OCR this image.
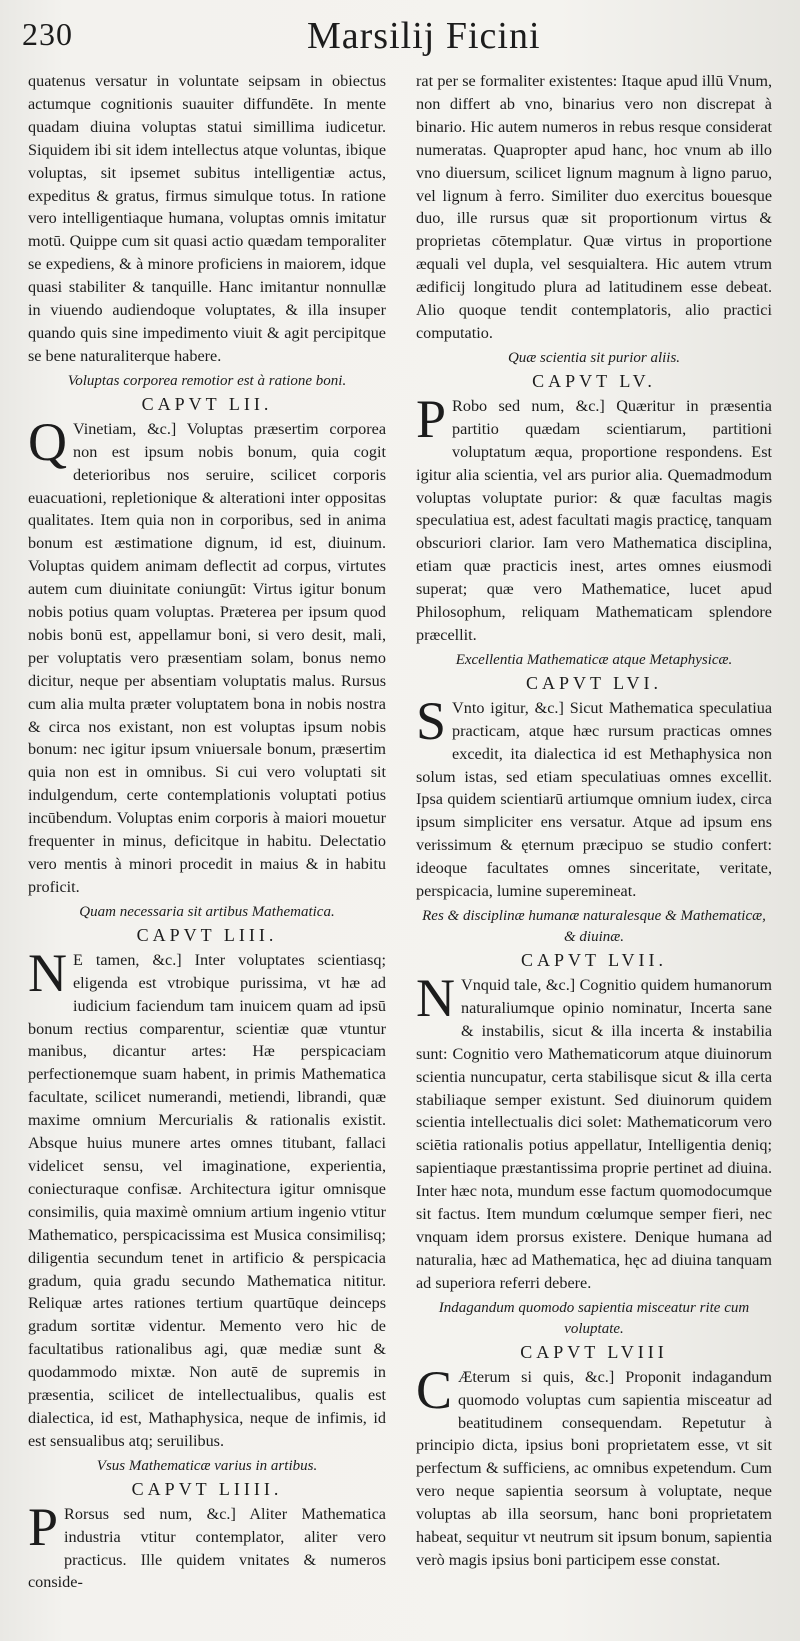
230	Marsilij Ficini

quatenus versatur in voluntate seipsam in obiectus actumque cognitionis suauiter diffundēte. In mente quadam diuina voluptas statui simillima iudicetur. Siquidem ibi sit idem intellectus atque voluntas, ibique voluptas, sit ipsemet subitus intelligentiæ actus, expeditus & gratus, firmus simulque totus. In ratione vero intelligentiaque humana, voluptas omnis imitatur motū. Quippe cum sit quasi actio quædam temporaliter se expediens, & à minore proficiens in maiorem, idque quasi stabiliter & tanquille. Hanc imitantur nonnullæ in viuendo audiendoque voluptates, & illa insuper quando quis sine impedimento viuit & agit percipitque se bene naturaliterque habere.

Voluptas corporea remotior est à ratione boni.

CAPVT LII.

Q Vinetiam, &c.] Voluptas præsertim corporea non est ipsum nobis bonum, quia cogit deterioribus nos seruire, scilicet corporis euacuationi, repletionique & alterationi inter oppositas qualitates. Item quia non in corporibus, sed in anima bonum est æstimatione dignum, id est, diuinum. Voluptas quidem animam deflectit ad corpus, virtutes autem cum diuinitate coniungūt: Virtus igitur bonum nobis potius quam voluptas. Præterea per ipsum quod nobis bonū est, appellamur boni, si vero desit, mali, per voluptatis vero præsentiam solam, bonus nemo dicitur, neque per absentiam voluptatis malus. Rursus cum alia multa præter voluptatem bona in nobis nostra & circa nos existant, non est voluptas ipsum nobis bonum: nec igitur ipsum vniuersale bonum, præsertim quia non est in omnibus. Si cui vero voluptati sit indulgendum, certe contemplationis voluptati potius incūbendum. Voluptas enim corporis à maiori mouetur frequenter in minus, deficitque in habitu. Delectatio vero mentis à minori procedit in maius & in habitu proficit.

Quam necessaria sit artibus Mathematica.

CAPVT LIII.

N E tamen, &c.] Inter voluptates scientiasq; eligenda est vtrobique purissima, vt hæ ad iudicium faciendum tam inuicem quam ad ipsū bonum rectius comparentur, scientiæ quæ vtuntur manibus, dicantur artes: Hæ perspicaciam perfectionemque suam habent, in primis Mathematica facultate, scilicet numerandi, metiendi, librandi, quæ maxime omnium Mercurialis & rationalis existit. Absque huius munere artes omnes titubant, fallaci videlicet sensu, vel imaginatione, experientia, coniecturaque confisæ. Architectura igitur omnisque consimilis, quia maximè omnium artium ingenio vtitur Mathematico, perspicacissima est Musica consimilisq; diligentia secundum tenet in artificio & perspicacia gradum, quia gradu secundo Mathematica nititur. Reliquæ artes rationes tertium quartūque deinceps gradum sortitæ videntur. Memento vero hic de facultatibus rationalibus agi, quæ mediæ sunt & quodammodo mixtæ. Non autē de supremis in præsentia, scilicet de intellectualibus, qualis est dialectica, id est, Mathaphysica, neque de infimis, id est sensualibus atq; seruilibus.

Vsus Mathematicæ varius in artibus.

CAPVT LIIII.

P Rorsus sed num, &c.] Aliter Mathematica industria vtitur contemplator, aliter vero practicus. Ille quidem vnitates & numeros conside-

rat per se formaliter existentes: Itaque apud illū Vnum, non differt ab vno, binarius vero non discrepat à binario. Hic autem numeros in rebus resque considerat numeratas. Quapropter apud hanc, hoc vnum ab illo vno diuersum, scilicet lignum magnum à ligno paruo, vel lignum à ferro. Similiter duo exercitus bouesque duo, ille rursus quæ sit proportionum virtus & proprietas cōtemplatur. Quæ virtus in proportione æquali vel dupla, vel sesquialtera. Hic autem vtrum ædificij longitudo plura ad latitudinem esse debeat. Alio quoque tendit contemplatoris, alio practici computatio.

Quæ scientia sit purior aliis.

CAPVT LV.

P Robo sed num, &c.] Quæritur in præsentia partitio quædam scientiarum, partitioni voluptatum æqua, proportione respondens. Est igitur alia scientia, vel ars purior alia. Quemadmodum voluptas voluptate purior: & quæ facultas magis speculatiua est, adest facultati magis practicę, tanquam obscuriori clarior. Iam vero Mathematica disciplina, etiam quæ practicis inest, artes omnes eiusmodi superat; quæ vero Mathematice, lucet apud Philosophum, reliquam Mathematicam splendore præcellit.

Excellentia Mathematicæ atque Metaphysicæ.

CAPVT LVI.

S Vnto igitur, &c.] Sicut Mathematica speculatiua practicam, atque hæc rursum practicas omnes excedit, ita dialectica id est Methaphysica non solum istas, sed etiam speculatiuas omnes excellit. Ipsa quidem scientiarū artiumque omnium iudex, circa ipsum simpliciter ens versatur. Atque ad ipsum ens verissimum & ęternum præcipuo se studio confert: ideoque facultates omnes sinceritate, veritate, perspicacia, lumine superemineat.

Res & disciplinæ humanæ naturalesque & Mathematicæ, & diuinæ.

CAPVT LVII.

N Vnquid tale, &c.] Cognitio quidem humanorum naturaliumque opinio nominatur, Incerta sane & instabilis, sicut & illa incerta & instabilia sunt: Cognitio vero Mathematicorum atque diuinorum scientia nuncupatur, certa stabilisque sicut & illa certa stabiliaque semper existunt. Sed diuinorum quidem scientia intellectualis dici solet: Mathematicorum vero sciētia rationalis potius appellatur, Intelligentia deniq; sapientiaque præstantissima proprie pertinet ad diuina. Inter hæc nota, mundum esse factum quomodocumque sit factus. Item mundum cœlumque semper fieri, nec vnquam idem prorsus existere. Denique humana ad naturalia, hæc ad Mathematica, hęc ad diuina tanquam ad superiora referri debere.

Indagandum quomodo sapientia misceatur rite cum voluptate.

CAPVT LVIII

C Æterum si quis, &c.] Proponit indagandum quomodo voluptas cum sapientia misceatur ad beatitudinem consequendam. Repetutur à principio dicta, ipsius boni proprietatem esse, vt sit perfectum & sufficiens, ac omnibus expetendum. Cum vero neque sapientia seorsum à voluptate, neque voluptas ab illa seorsum, hanc boni proprietatem habeat, sequitur vt neutrum sit ipsum bonum, sapientia verò magis ipsius boni participem esse constat.
